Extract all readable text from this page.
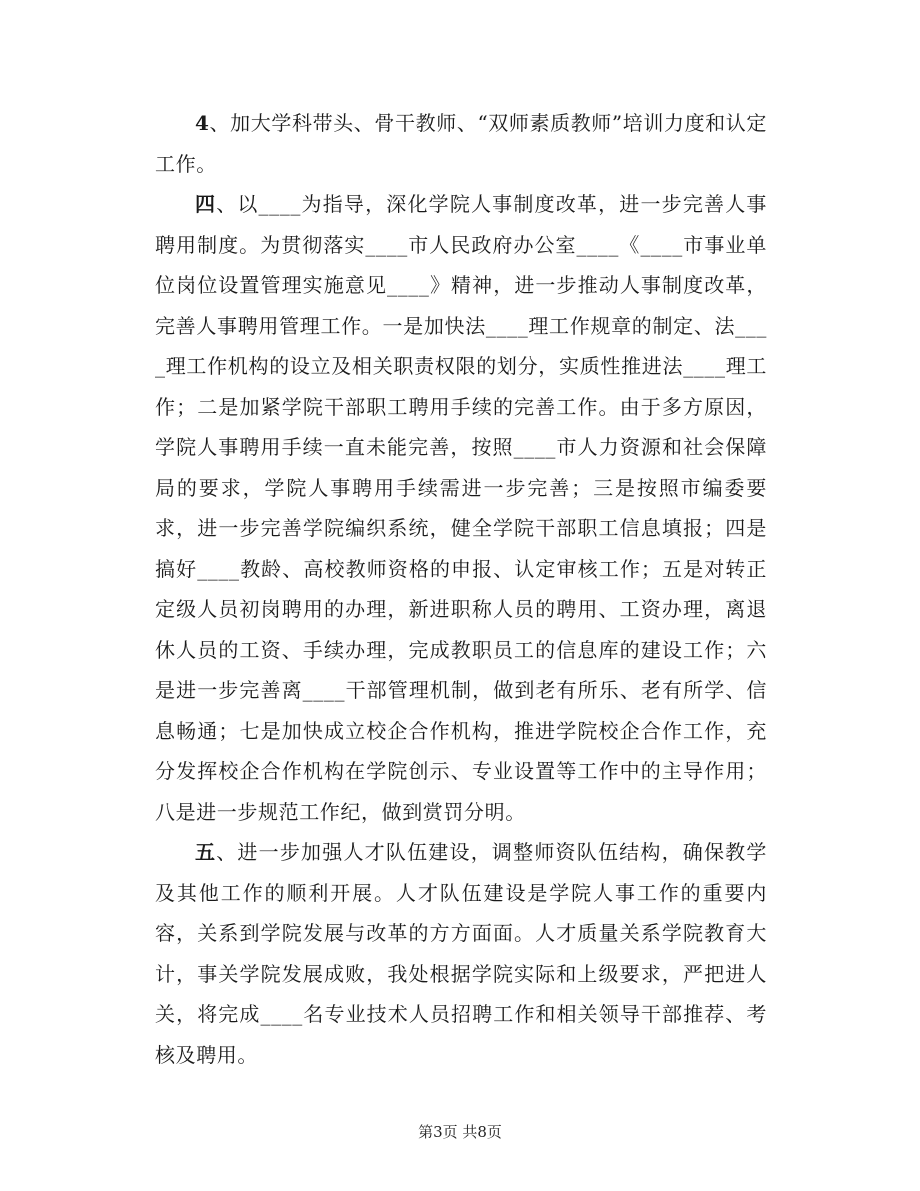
4、加大学科带头、骨干教师、“双师素质教师”培训力度和认定工作。

四、以____为指导，深化学院人事制度改革，进一步完善人事聘用制度。为贯彻落实____市人民政府办公室____《____市事业单位岗位设置管理实施意见____》精神，进一步推动人事制度改革，完善人事聘用管理工作。一是加快法____理工作规章的制定、法____理工作机构的设立及相关职责权限的划分，实质性推进法____理工作；二是加紧学院干部职工聘用手续的完善工作。由于多方原因，学院人事聘用手续一直未能完善，按照____市人力资源和社会保障局的要求，学院人事聘用手续需进一步完善；三是按照市编委要求，进一步完善学院编织系统，健全学院干部职工信息填报；四是搞好____教龄、高校教师资格的申报、认定审核工作；五是对转正定级人员初岗聘用的办理，新进职称人员的聘用、工资办理，离退休人员的工资、手续办理，完成教职员工的信息库的建设工作；六是进一步完善离____干部管理机制，做到老有所乐、老有所学、信息畅通；七是加快成立校企合作机构，推进学院校企合作工作，充分发挥校企合作机构在学院创示、专业设置等工作中的主导作用；八是进一步规范工作纪，做到赏罚分明。

五、进一步加强人才队伍建设，调整师资队伍结构，确保教学及其他工作的顺利开展。人才队伍建设是学院人事工作的重要内容，关系到学院发展与改革的方方面面。人才质量关系学院教育大计，事关学院发展成败，我处根据学院实际和上级要求，严把进人关，将完成____名专业技术人员招聘工作和相关领导干部推荐、考核及聘用。

第3页 共8页
